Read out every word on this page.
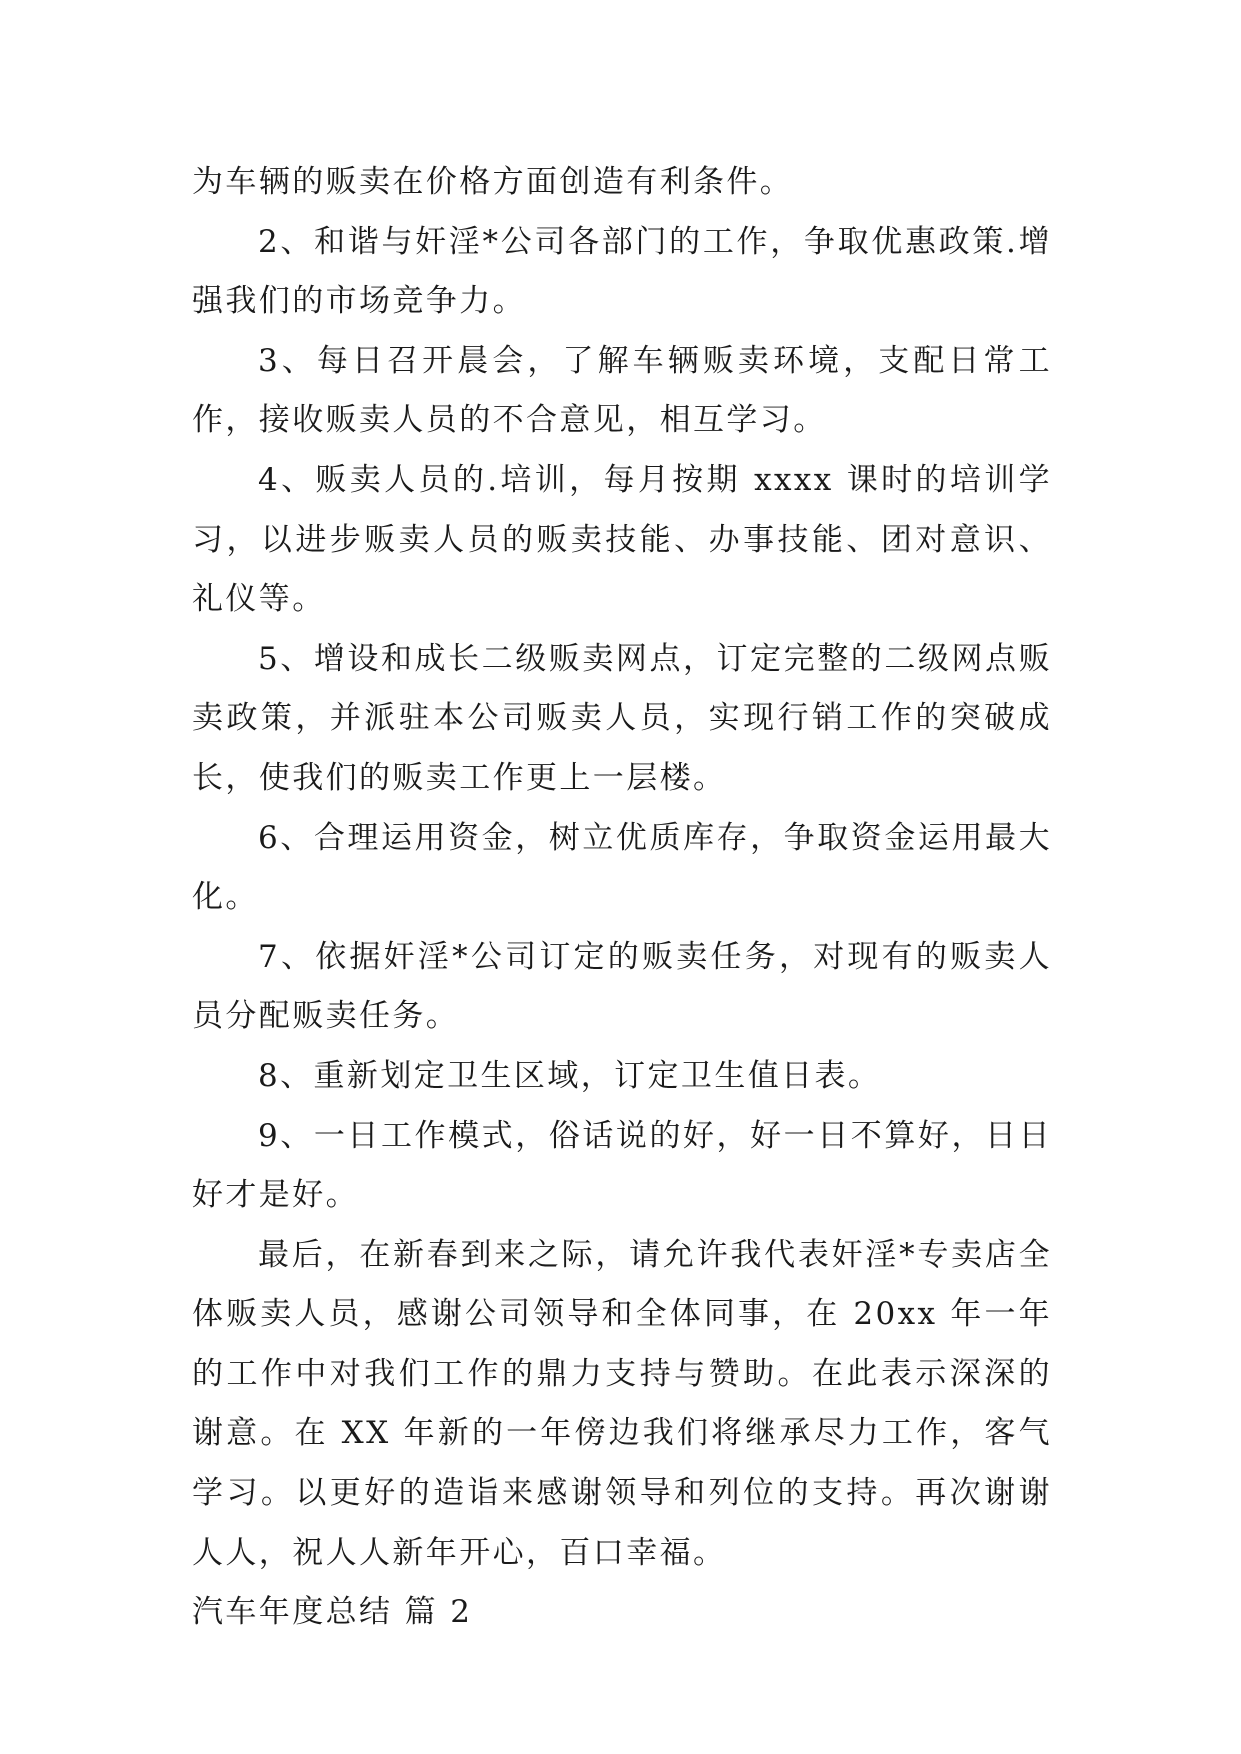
为车辆的贩卖在价格方面创造有利条件。

2、和谐与奸淫*公司各部门的工作，争取优惠政策.增强我们的市场竞争力。

3、每日召开晨会，了解车辆贩卖环境，支配日常工作，接收贩卖人员的不合意见，相互学习。

4、贩卖人员的.培训，每月按期 xxxx 课时的培训学习，以进步贩卖人员的贩卖技能、办事技能、团对意识、礼仪等。

5、增设和成长二级贩卖网点，订定完整的二级网点贩卖政策，并派驻本公司贩卖人员，实现行销工作的突破成长，使我们的贩卖工作更上一层楼。

6、合理运用资金，树立优质库存，争取资金运用最大化。

7、依据奸淫*公司订定的贩卖任务，对现有的贩卖人员分配贩卖任务。

8、重新划定卫生区域，订定卫生值日表。

9、一日工作模式，俗话说的好，好一日不算好，日日好才是好。

最后，在新春到来之际，请允许我代表奸淫*专卖店全体贩卖人员，感谢公司领导和全体同事，在 20xx 年一年的工作中对我们工作的鼎力支持与赞助。在此表示深深的谢意。在 XX 年新的一年傍边我们将继承尽力工作，客气学习。以更好的造诣来感谢领导和列位的支持。再次谢谢人人，祝人人新年开心，百口幸福。

汽车年度总结 篇 2
